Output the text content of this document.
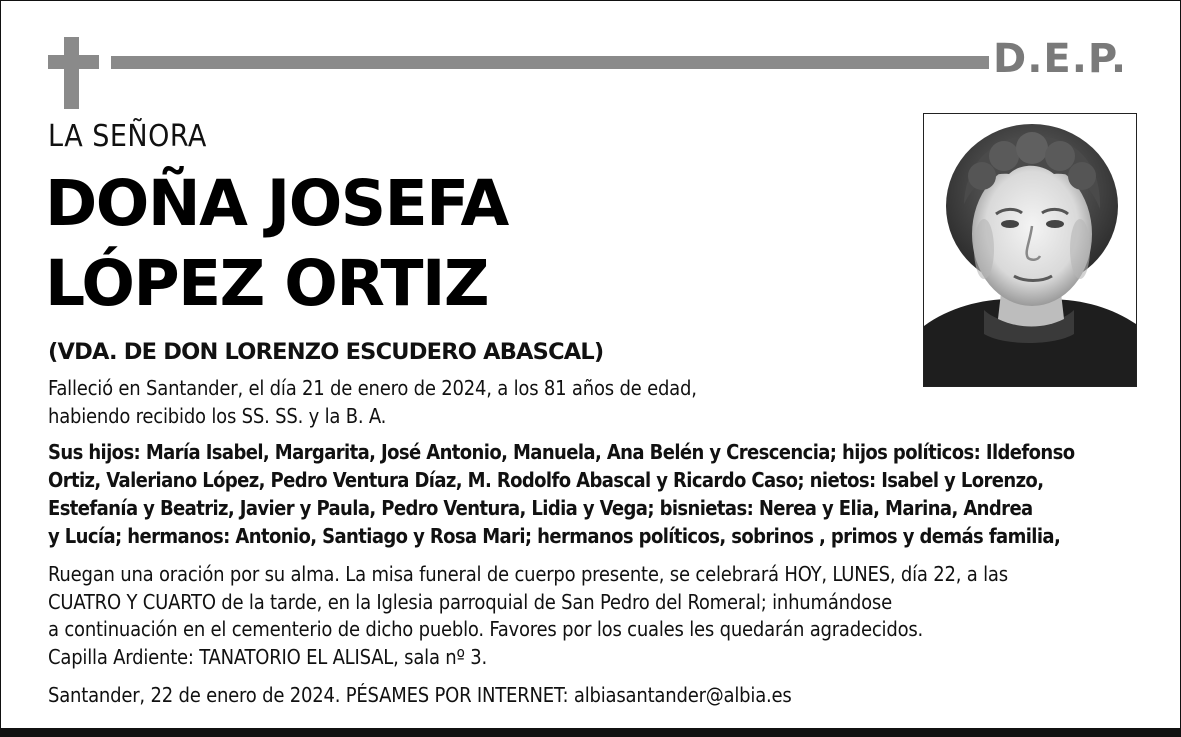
D.E.P.
LA SEÑORA
DOÑA JOSEFA
LÓPEZ ORTIZ
(VDA. DE DON LORENZO ESCUDERO ABASCAL)
Falleció en Santander, el día 21 de enero de 2024, a los 81 años de edad,
habiendo recibido los SS. SS. y la B. A.
Sus hijos: María Isabel, Margarita, José Antonio, Manuela, Ana Belén y Crescencia; hijos políticos: Ildefonso
Ortiz, Valeriano López, Pedro Ventura Díaz, M. Rodolfo Abascal y Ricardo Caso; nietos: Isabel y Lorenzo,
Estefanía y Beatriz, Javier y Paula, Pedro Ventura, Lidia y Vega; bisnietas: Nerea y Elia, Marina, Andrea
y Lucía; hermanos: Antonio, Santiago y Rosa Mari; hermanos políticos, sobrinos , primos y demás familia,
Ruegan una oración por su alma. La misa funeral de cuerpo presente, se celebrará HOY, LUNES, día 22, a las
CUATRO Y CUARTO de la tarde, en la Iglesia parroquial de San Pedro del Romeral; inhumándose
a continuación en el cementerio de dicho pueblo. Favores por los cuales les quedarán agradecidos.
Capilla Ardiente: TANATORIO EL ALISAL, sala nº 3.
Santander, 22 de enero de 2024. PÉSAMES POR INTERNET: albiasantander@albia.es
